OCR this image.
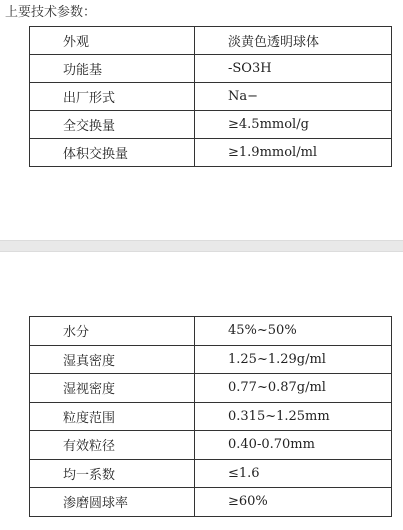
上要技术参数：
外观	淡黄色透明球体
功能基	-SO3H
出厂形式	Na−
全交换量	≥4.5mmol/g
体积交换量	≥1.9mmol/ml
水分	45%~50%
湿真密度	1.25~1.29g/ml
湿视密度	0.77~0.87g/ml
粒度范围	0.315~1.25mm
有效粒径	0.40-0.70mm
均一系数	≤1.6
渗磨圆球率	≥60%
